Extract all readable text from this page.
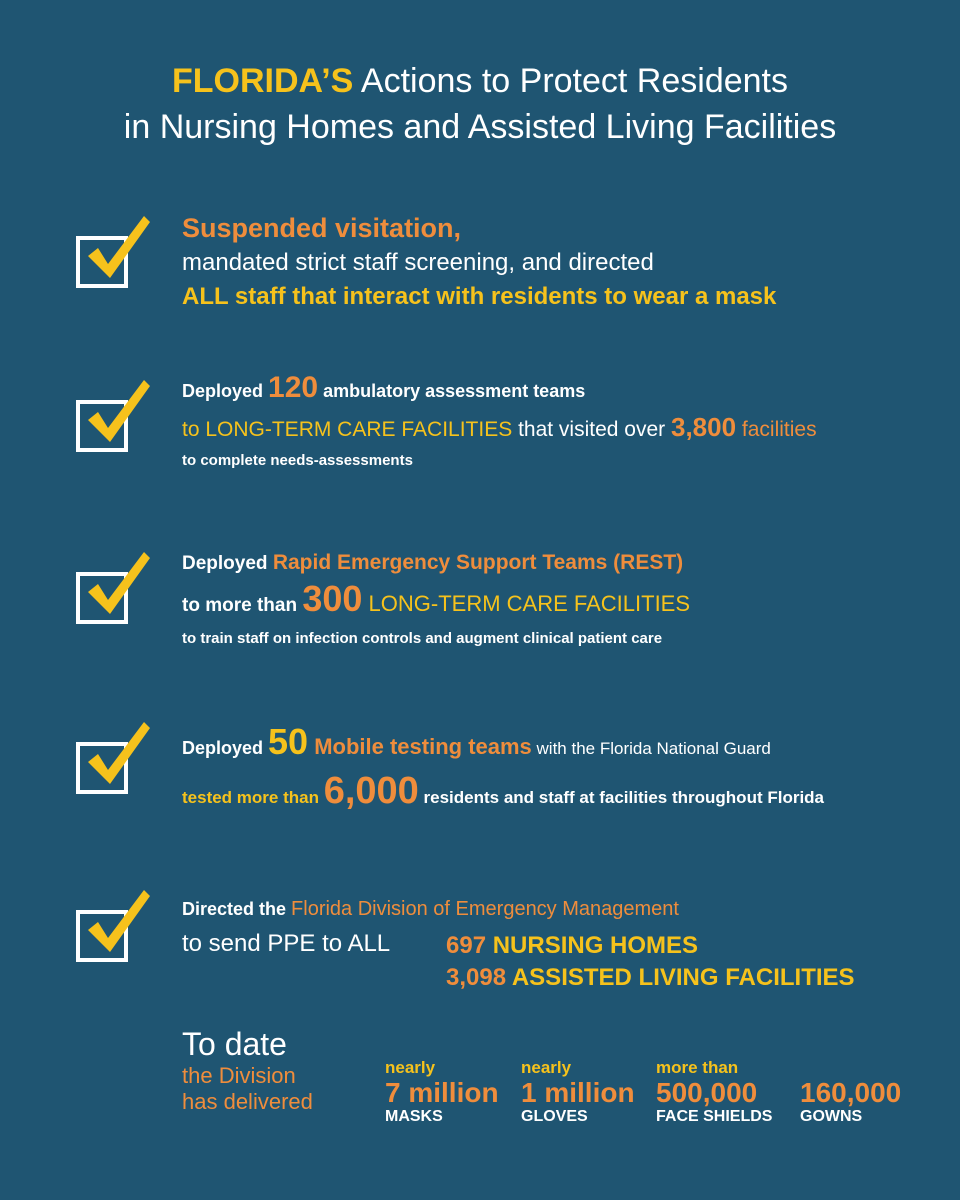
FLORIDA’S Actions to Protect Residents
in Nursing Homes and Assisted Living Facilities
Suspended visitation,
mandated strict staff screening, and directed
ALL staff that interact with residents to wear a mask
Deployed 120 ambulatory assessment teams
to LONG-TERM CARE FACILITIES that visited over 3,800 facilities
to complete needs-assessments
Deployed Rapid Emergency Support Teams (REST)
to more than 300 LONG-TERM CARE FACILITIES
to train staff on infection controls and augment clinical patient care
Deployed 50 Mobile testing teams with the Florida National Guard
tested more than 6,000 residents and staff at facilities throughout Florida
Directed the Florida Division of Emergency Management
to send PPE to ALL 697 NURSING HOMES
3,098 ASSISTED LIVING FACILITIES
To date
the Division
has delivered
nearly
7 million
MASKS
nearly
1 million
GLOVES
more than
500,000
FACE SHIELDS
160,000
GOWNS
